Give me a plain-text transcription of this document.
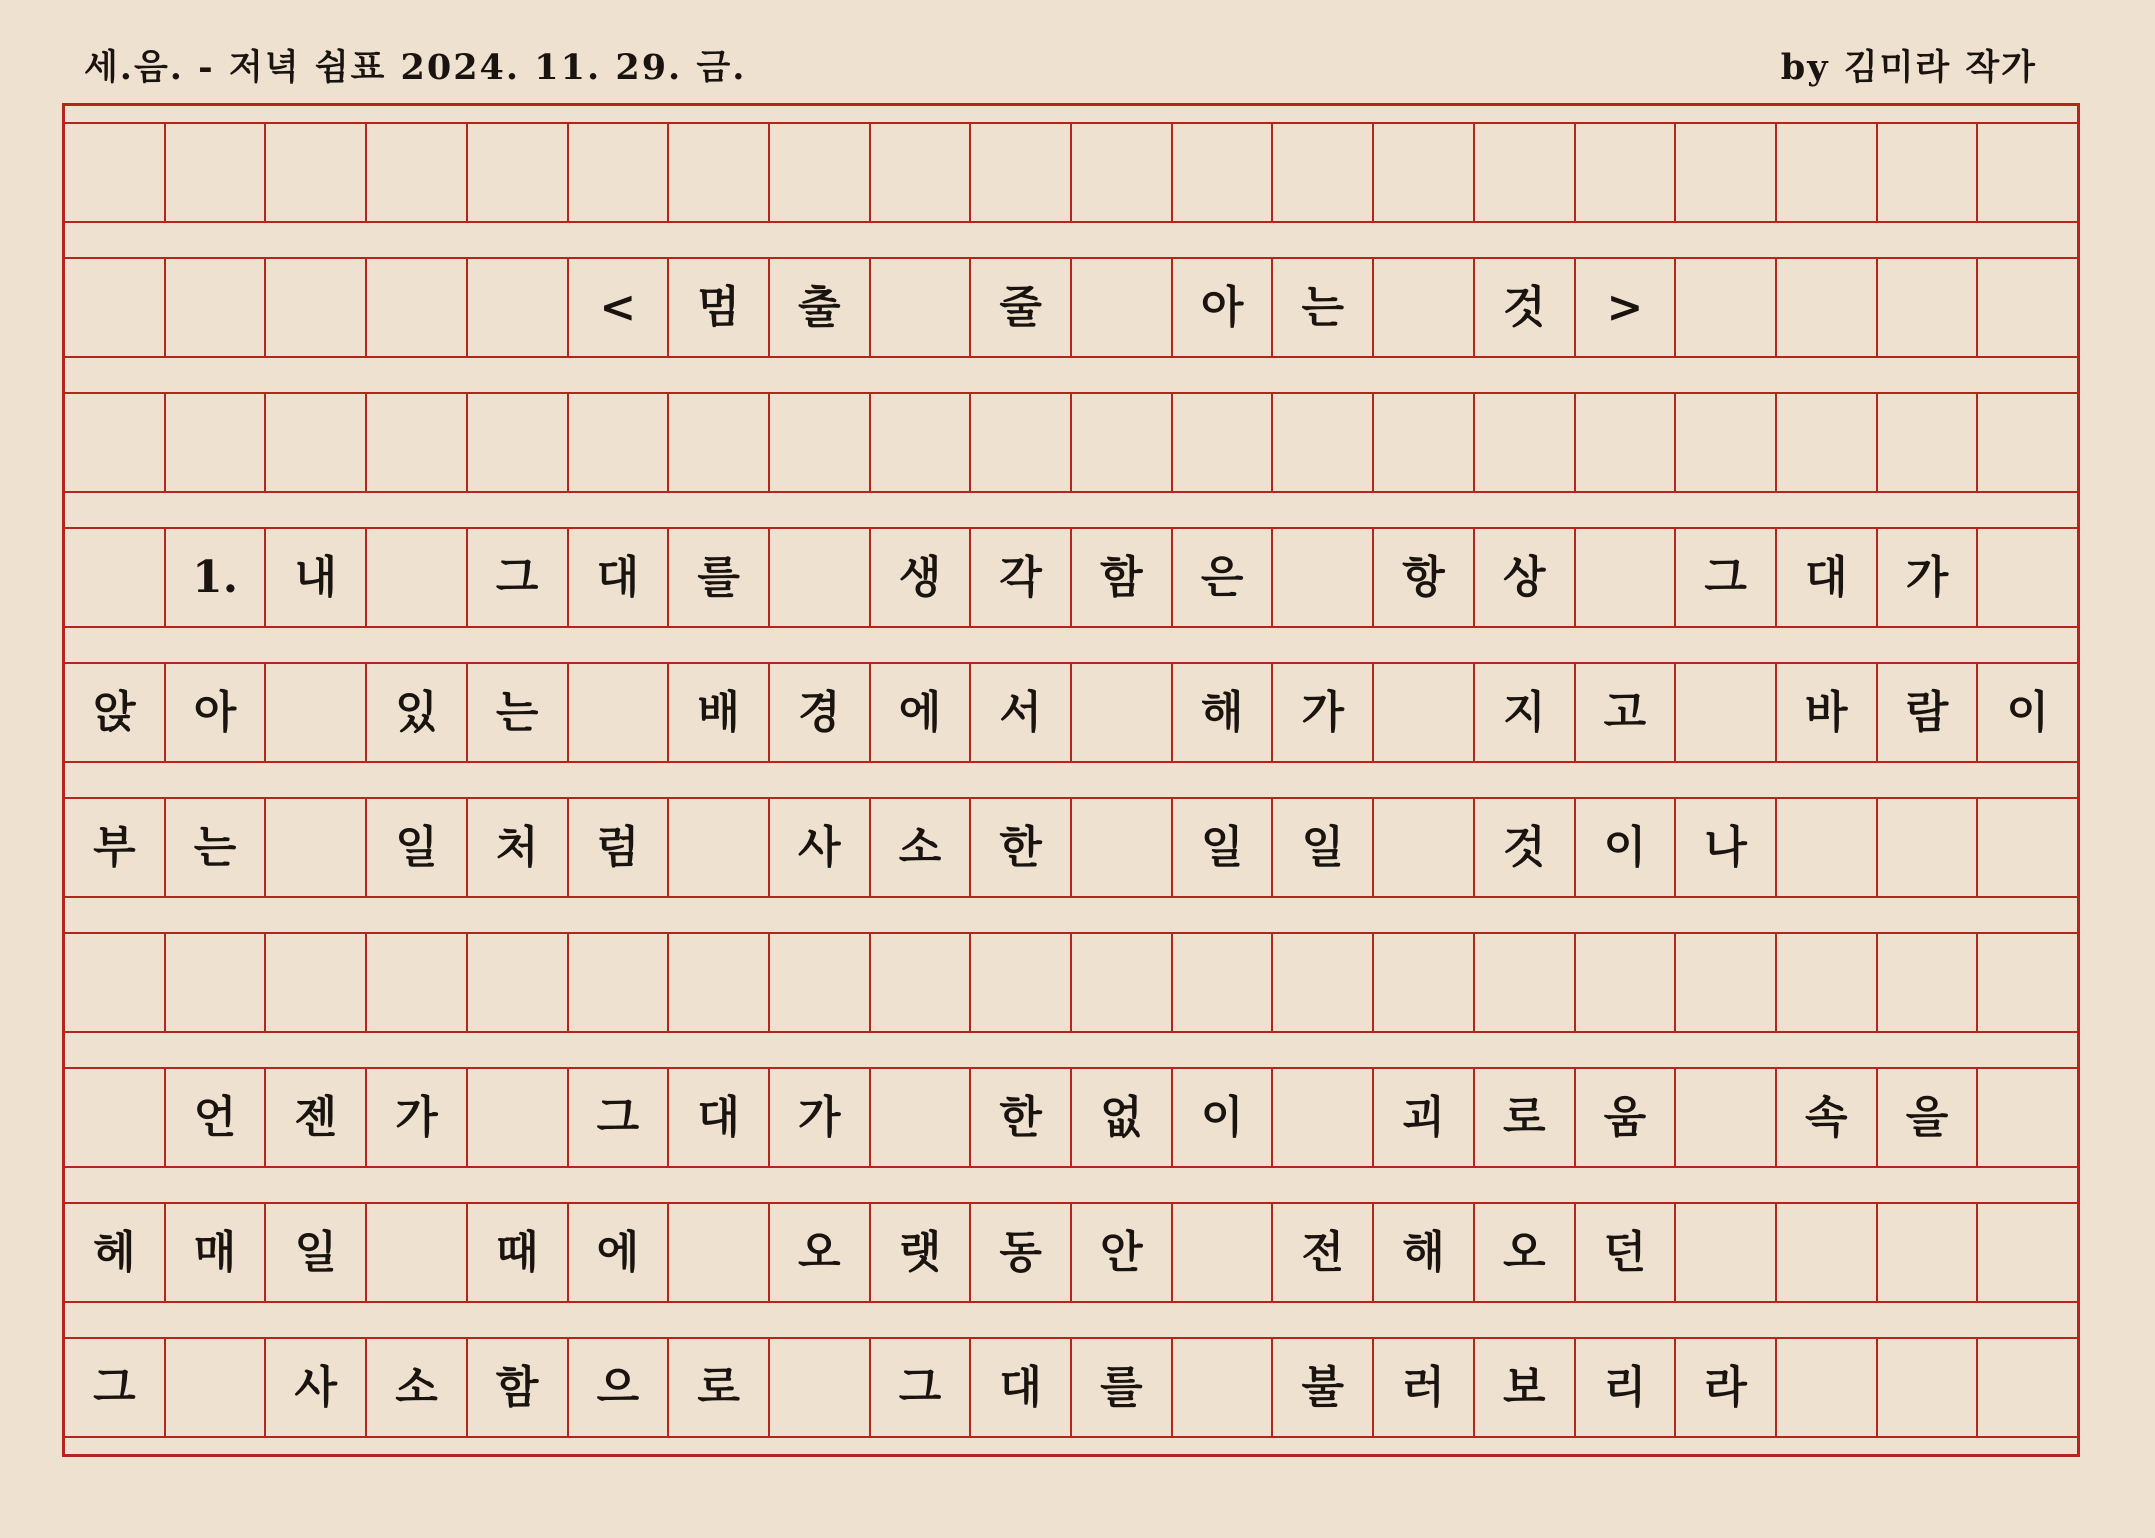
세.음. - 저녁 쉼표 2024. 11. 29. 금.	by 김미라 작가
<	멈	출	줄	아	는	것	>
1.	내	그	대	를	생	각	함	은	항	상	그	대	가
앉	아	있	는	배	경	에	서	해	가	지	고	바	람	이
부	는	일	처	럼	사	소	한	일	일	것	이	나
언	젠	가	그	대	가	한	없	이	괴	로	움	속	을
헤	매	일	때	에	오	랫	동	안	전	해	오	던
그	사	소	함	으	로	그	대	를	불	러	보	리	라
